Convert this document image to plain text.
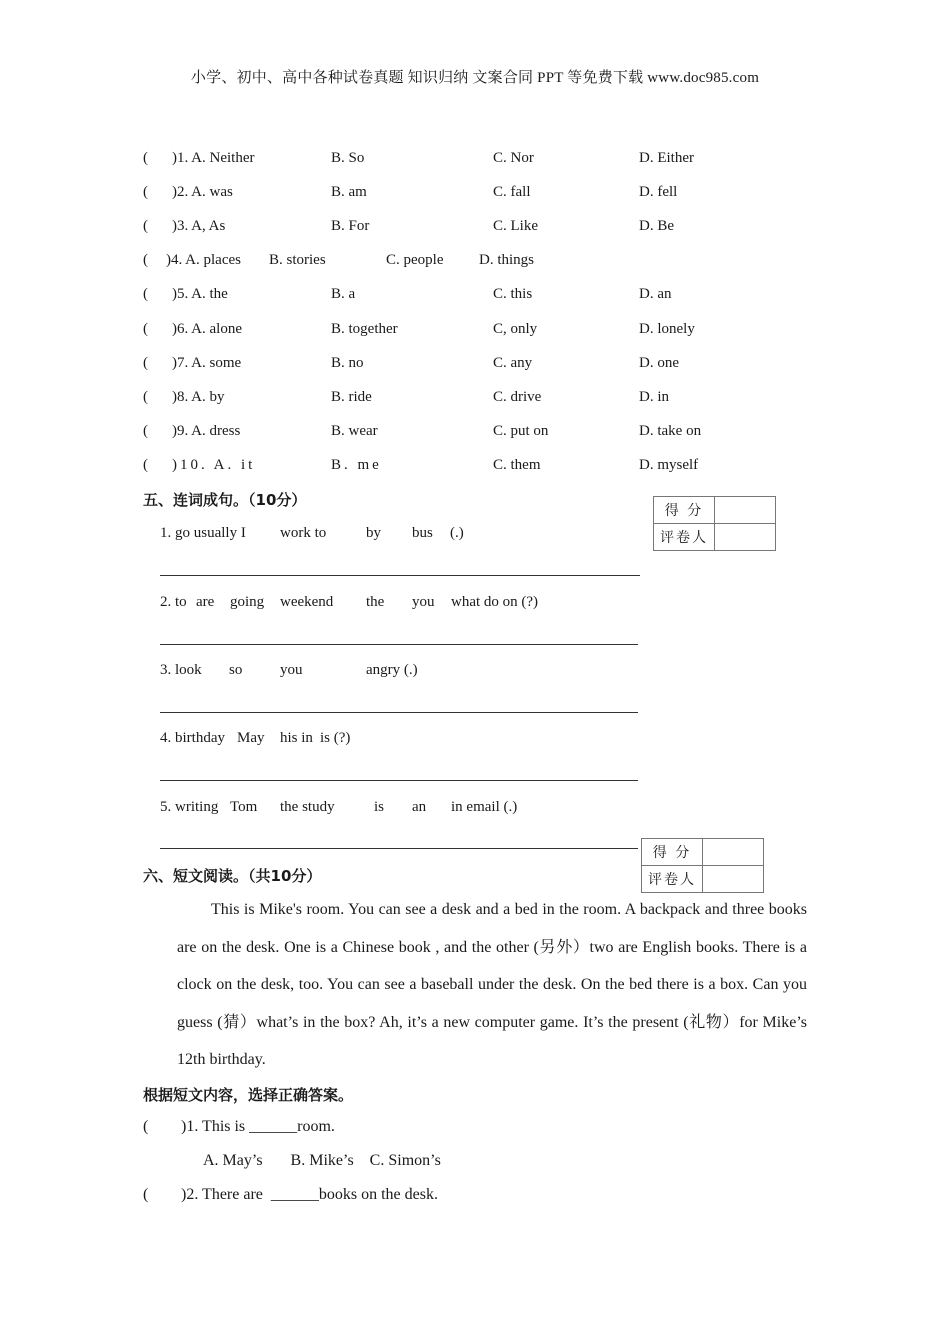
小学、初中、高中各种试卷真题 知识归纳 文案合同 PPT 等免费下载 www.doc985.com
( )1. A. Neither	B. So	C. Nor	D. Either
( )2. A. was	B. am	C. fall	D. fell
( )3. A, As	B. For	C. Like	D. Be
( )4. A. places B. stories	C. people D. things
( )5. A. the	B. a	C. this	D. an
( )6. A. alone	B. together	C, only	D. lonely
( )7. A. some	B. no	C. any	D. one
( )8. A. by	B. ride	C. drive	D. in
( )9. A. dress	B. wear	C. put on	D. take on
( )10. A. it	B. me	C. them	D. myself
五、连词成句。（10分）
得 分	
评卷人	
1. go usually I work to	by bus (.)
2. to are going weekend the you what do on (?)
3. look so	you	angry (.)
4. birthday May his in is (?)
5. writing Tom the study	is an in email (.)
得 分	
评卷人	
六、短文阅读。（共10分）

This is Mike's room. You can see a desk and a bed in the room. A backpack and three books are on the desk. One is a Chinese book , and the other (另外）two are English books. There is a clock on the desk, too. You can see a baseball under the desk. On the bed there is a box. Can you guess (猜）what’s in the box? Ah, it’s a new computer game. It’s the present (礼物）for Mike’s 12th birthday.

根据短文内容，选择正确答案。
( )1. This is ______room.
A. May’s       B. Mike’s    C. Simon’s
( )2. There are  ______books on the desk.
